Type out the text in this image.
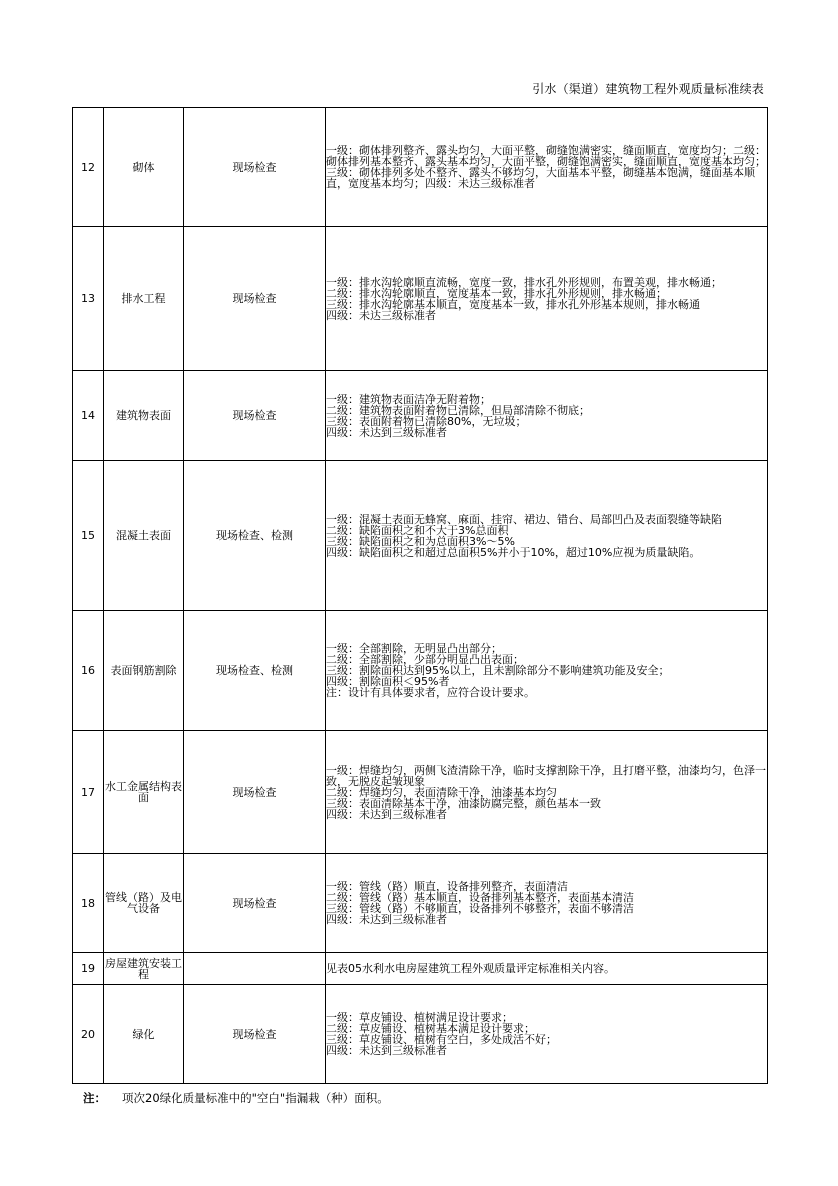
引水（渠道）建筑物工程外观质量标准续表
12	砌体	现场检查	一级：砌体排列整齐、露头均匀，大面平整，砌缝饱满密实，缝面顺直，宽度均匀；二级：砌体排列基本整齐、露头基本均匀，大面平整，砌缝饱满密实，缝面顺直，宽度基本均匀； 三级：砌体排列多处不整齐、露头不够均匀，大面基本平整，砌缝基本饱满，缝面基本顺直，宽度基本均匀；四级：未达三级标准者

13	排水工程	现场检查	一级：排水沟轮廓顺直流畅，宽度一致，排水孔外形规则，布置美观，排水畅通；
二级：排水沟轮廓顺直，宽度基本一致，排水孔外形规则，排水畅通；
三级：排水沟轮廓基本顺直，宽度基本一致，排水孔外形基本规则，排水畅通
四级：未达三级标准者

14	建筑物表面	现场检查	一级：建筑物表面洁净无附着物；
二级：建筑物表面附着物已清除，但局部清除不彻底；
三级：表面附着物已清除80%，无垃圾；
四级：未达到三级标准者

15	混凝土表面	现场检查、检测	一级：混凝土表面无蜂窝、麻面、挂帘、裙边、错台、局部凹凸及表面裂缝等缺陷
二级：缺陷面积之和不大于3%总面积
三级：缺陷面积之和为总面积3%～5%
四级：缺陷面积之和超过总面积5%并小于10%，超过10%应视为质量缺陷。

16	表面钢筋割除	现场检查、检测	一级：全部割除，无明显凸出部分；
二级：全部割除，少部分明显凸出表面；
三级：割除面积达到95%以上，且未割除部分不影响建筑功能及安全；
四级：割除面积＜95%者
注：设计有具体要求者，应符合设计要求。

17	水工金属结构表面	现场检查	一级：焊缝均匀，两侧飞渣清除干净，临时支撑割除干净，且打磨平整，油漆均匀，色泽一致，无脱皮起皱现象
二级：焊缝均匀，表面清除干净，油漆基本均匀
三级：表面清除基本干净，油漆防腐完整，颜色基本一致
四级：未达到三级标准者

18	管线（路）及电气设备	现场检查	一级：管线（路）顺直，设备排列整齐，表面清洁
二级：管线（路）基本顺直，设备排列基本整齐，表面基本清洁
三级：管线（路）不够顺直，设备排列不够整齐，表面不够清洁
四级：未达到三级标准者

19	房屋建筑安装工程		见表05水利水电房屋建筑工程外观质量评定标准相关内容。

20	绿化	现场检查	一级：草皮铺设、植树满足设计要求；
二级：草皮铺设、植树基本满足设计要求；
三级：草皮铺设、植树有空白，多处成活不好；
四级：未达到三级标准者
注： 项次20绿化质量标准中的"空白"指漏栽（种）面积。
